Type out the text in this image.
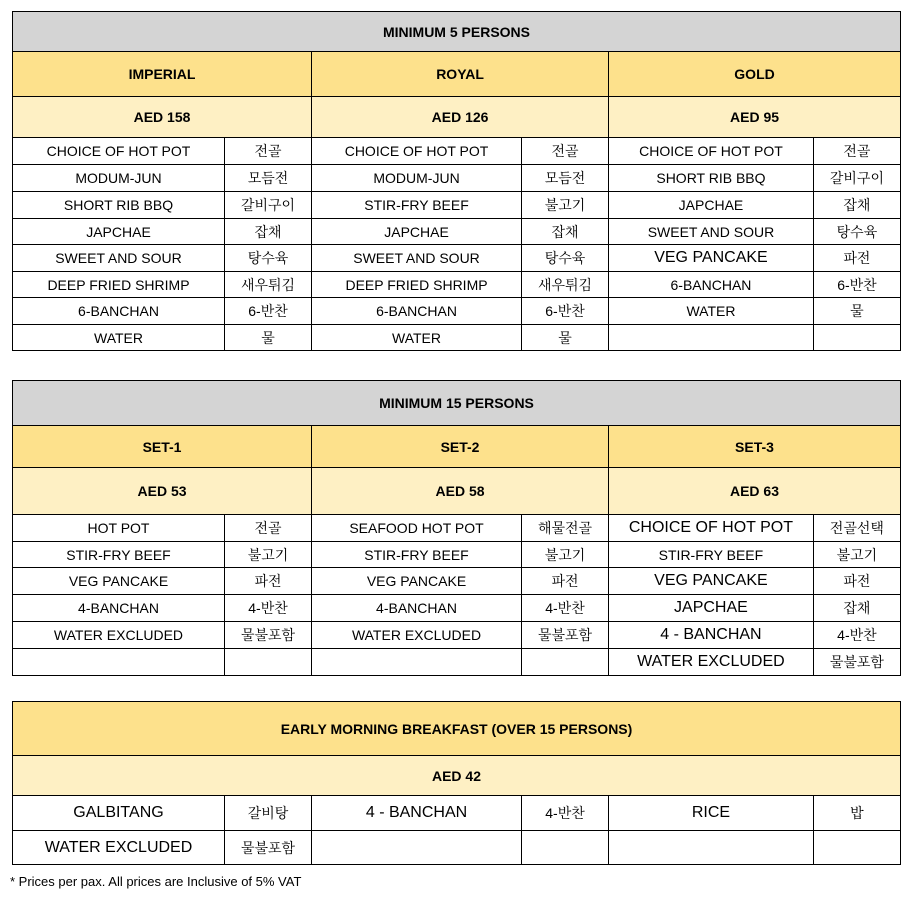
MINIMUM 5 PERSONS					
IMPERIAL		ROYAL		GOLD	
AED 158		AED 126		AED 95	
CHOICE OF HOT POT	전골	CHOICE OF HOT POT	전골	CHOICE OF HOT POT	전골
MODUM-JUN	모듬전	MODUM-JUN	모듬전	SHORT RIB BBQ	갈비구이
SHORT RIB BBQ	갈비구이	STIR-FRY BEEF	불고기	JAPCHAE	잡채
JAPCHAE	잡채	JAPCHAE	잡채	SWEET AND SOUR	탕수육
SWEET AND SOUR	탕수육	SWEET AND SOUR	탕수육	VEG PANCAKE	파전
DEEP FRIED SHRIMP	새우튀김	DEEP FRIED SHRIMP	새우튀김	6-BANCHAN	6-반찬
6-BANCHAN	6-반찬	6-BANCHAN	6-반찬	WATER	물
WATER	물	WATER	물		
MINIMUM 15 PERSONS					
SET-1		SET-2		SET-3	
AED 53		AED 58		AED 63	
HOT POT	전골	SEAFOOD HOT POT	해물전골	CHOICE OF HOT POT	전골선택
STIR-FRY BEEF	불고기	STIR-FRY BEEF	불고기	STIR-FRY BEEF	불고기
VEG PANCAKE	파전	VEG PANCAKE	파전	VEG PANCAKE	파전
4-BANCHAN	4-반찬	4-BANCHAN	4-반찬	JAPCHAE	잡채
WATER EXCLUDED	물불포함	WATER EXCLUDED	물불포함	4 - BANCHAN	4-반찬
				WATER EXCLUDED	물불포함
EARLY MORNING BREAKFAST (OVER 15 PERSONS)					
AED 42					
GALBITANG	갈비탕	4 - BANCHAN	4-반찬	RICE	밥
WATER EXCLUDED	물불포함				
* Prices per pax. All prices are Inclusive of 5% VAT
